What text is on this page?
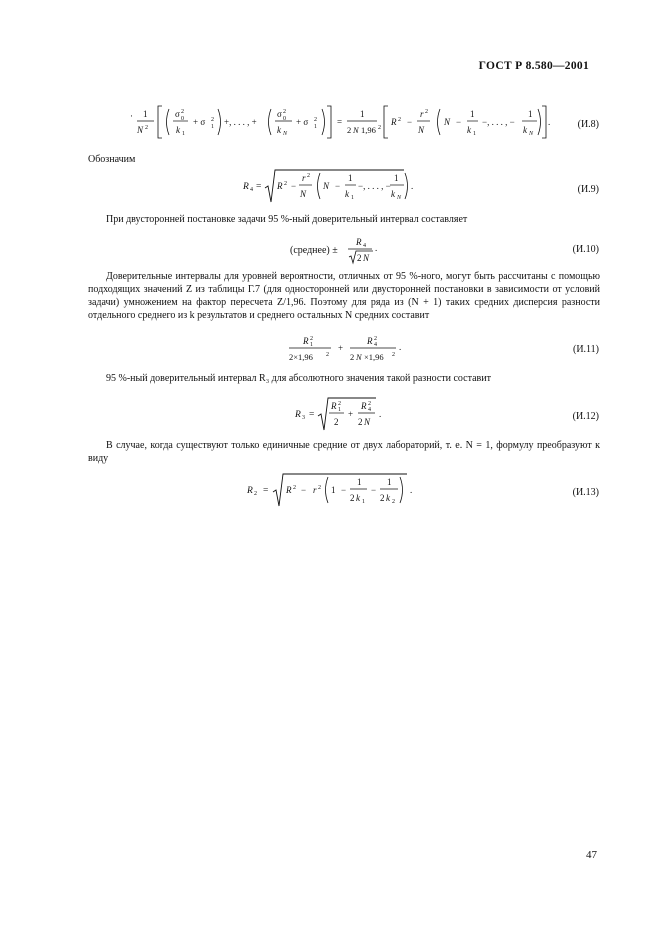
ГОСТ Р 8.580—2001
· 1
N 2
σ 2
0
k 1
+ σ 2
1 +, . . . , +
σ 2
0
k N
+ σ 2
1 =
1
2 N 1,96 2
R 2 −
r 2
N
N −
1
k 1
−, . . . , −
1
k N
.	(И.8)
Обозначим
R 4 = R 2 −
r 2
N
N −
1
k 1
−, . . . , −
1
k N
.	(И.9)
При двусторонней постановке задачи 95 %-ный доверительный интервал составляет
(среднее) ±
R 4
2 N
.	(И.10)
Доверительные интервалы для уровней вероятности, отличных от 95 %-ного, могут быть рассчитаны с помощью подходящих значений Z из таблицы Г.7 (для односторонней или двусторонней постановки в зависимости от условий задачи) умножением на фактор пересчета Z/1,96. Поэтому для ряда из (N + 1) таких средних дисперсия разности отдельного среднего из k результатов и среднего остальных N средних составит
R 2
1
2×1,96 2
+
R 2
4
2 N ×1,96 2
.	(И.11)
95 %-ный доверительный интервал R₃ для абсолютного значения такой разности составит
R 3 =
R 2
1
2
+
R 2
4
2 N
.	(И.12)
В случае, когда существуют только единичные средние от двух лабораторий, т. е. N = 1, формулу преобразуют к виду
R 2 = R 2 − r 2 1 −
1
2 k 1
−
1
2 k 2
.	(И.13)
47
